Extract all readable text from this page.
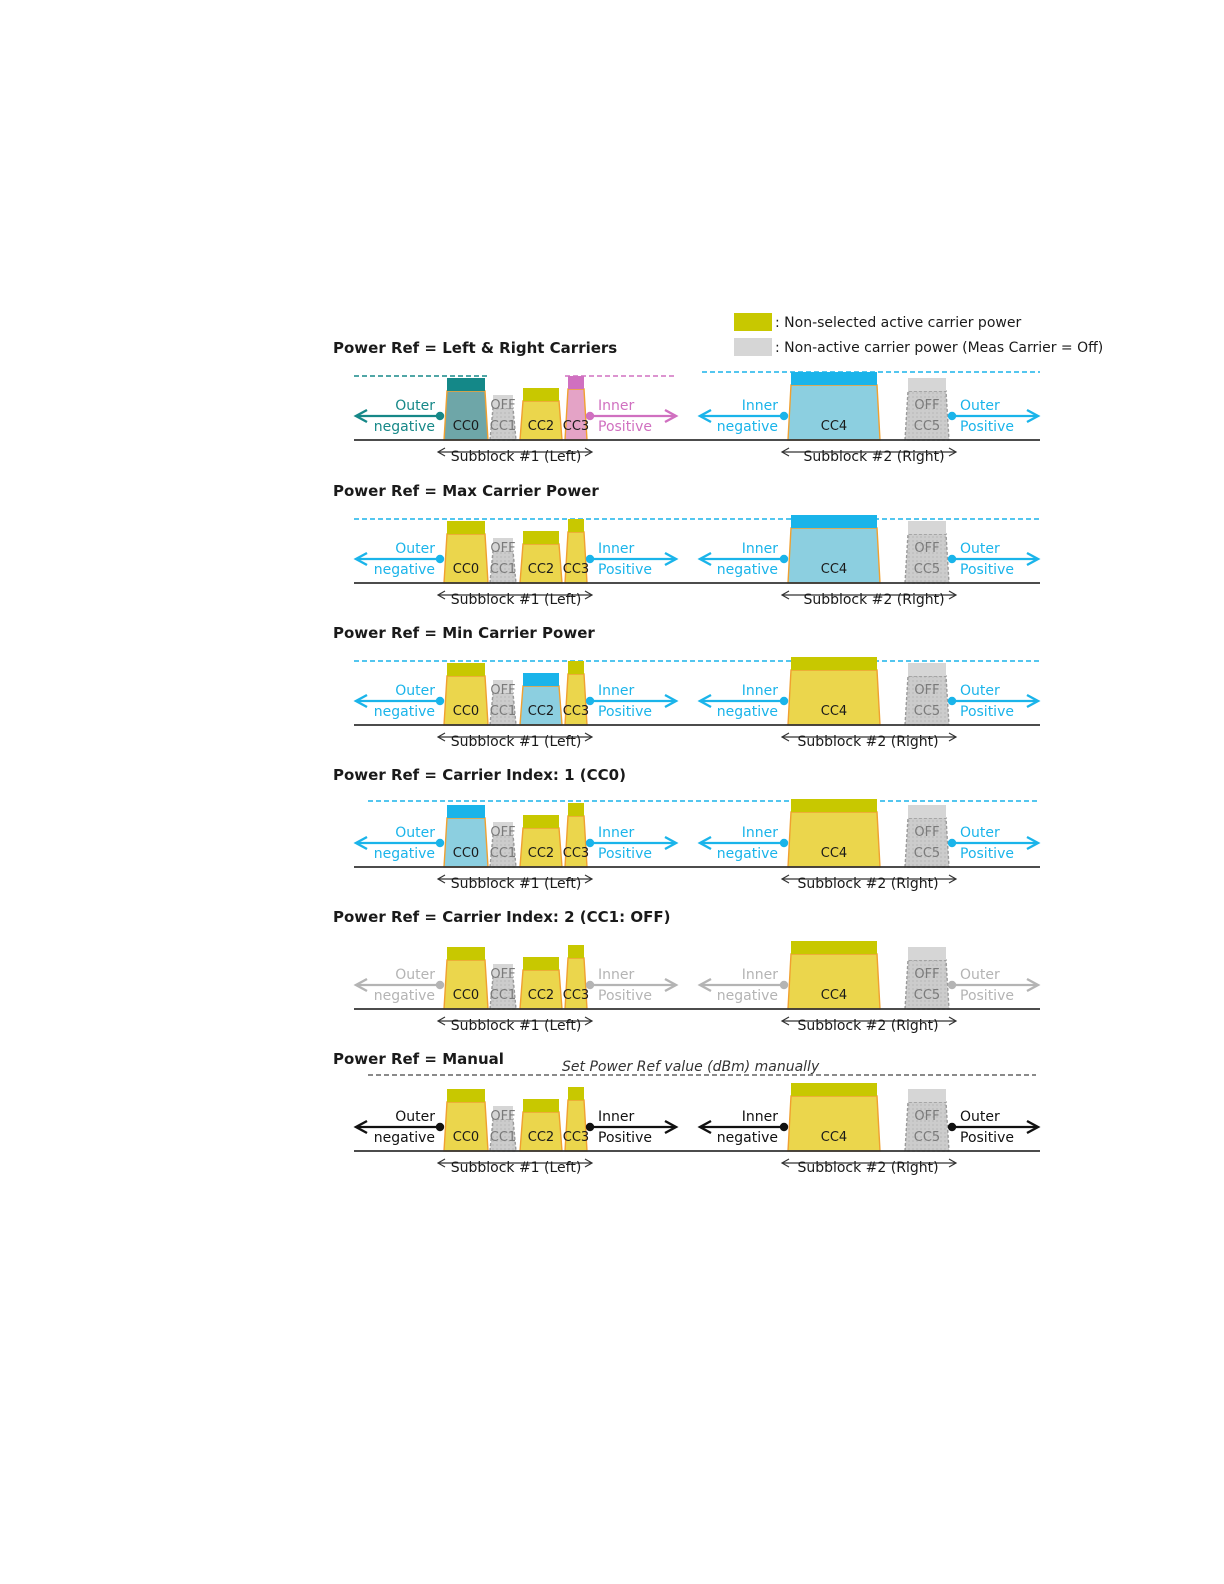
: Non-selected active carrier power
: Non-active carrier power (Meas Carrier = Off)
Power Ref = Left & Right Carriers
CC0
OFF
CC1 CC2 CC3	CC4
OFF
CC5
Outer
negative
Inner
Positive
Inner
negative
Outer
Positive
Subblock #1 (Left)	Subblock #2 (Right)
Power Ref = Max Carrier Power
CC0
OFF
CC1 CC2 CC3	CC4
OFF
CC5
Outer
negative
Inner
Positive
Inner
negative
Outer
Positive
Subblock #1 (Left)	Subblock #2 (Right)
Power Ref = Min Carrier Power
CC0
OFF
CC1 CC2 CC3	CC4
OFF
CC5
Outer
negative
Inner
Positive
Inner
negative
Outer
Positive
Subblock #1 (Left)	Subblock #2 (Right)
Power Ref = Carrier Index: 1 (CC0)
CC0
OFF
CC1 CC2 CC3	CC4
OFF
CC5
Outer
negative
Inner
Positive
Inner
negative
Outer
Positive
Subblock #1 (Left)	Subblock #2 (Right)
Power Ref = Carrier Index: 2 (CC1: OFF)
CC0
OFF
CC1 CC2 CC3	CC4
OFF
CC5
Outer
negative
Inner
Positive
Inner
negative
Outer
Positive
Subblock #1 (Left)	Subblock #2 (Right)
Power Ref = Manual	Set Power Ref value (dBm) manually
CC0
OFF
CC1 CC2 CC3	CC4
OFF
CC5
Outer
negative
Inner
Positive
Inner
negative
Outer
Positive
Subblock #1 (Left)	Subblock #2 (Right)
